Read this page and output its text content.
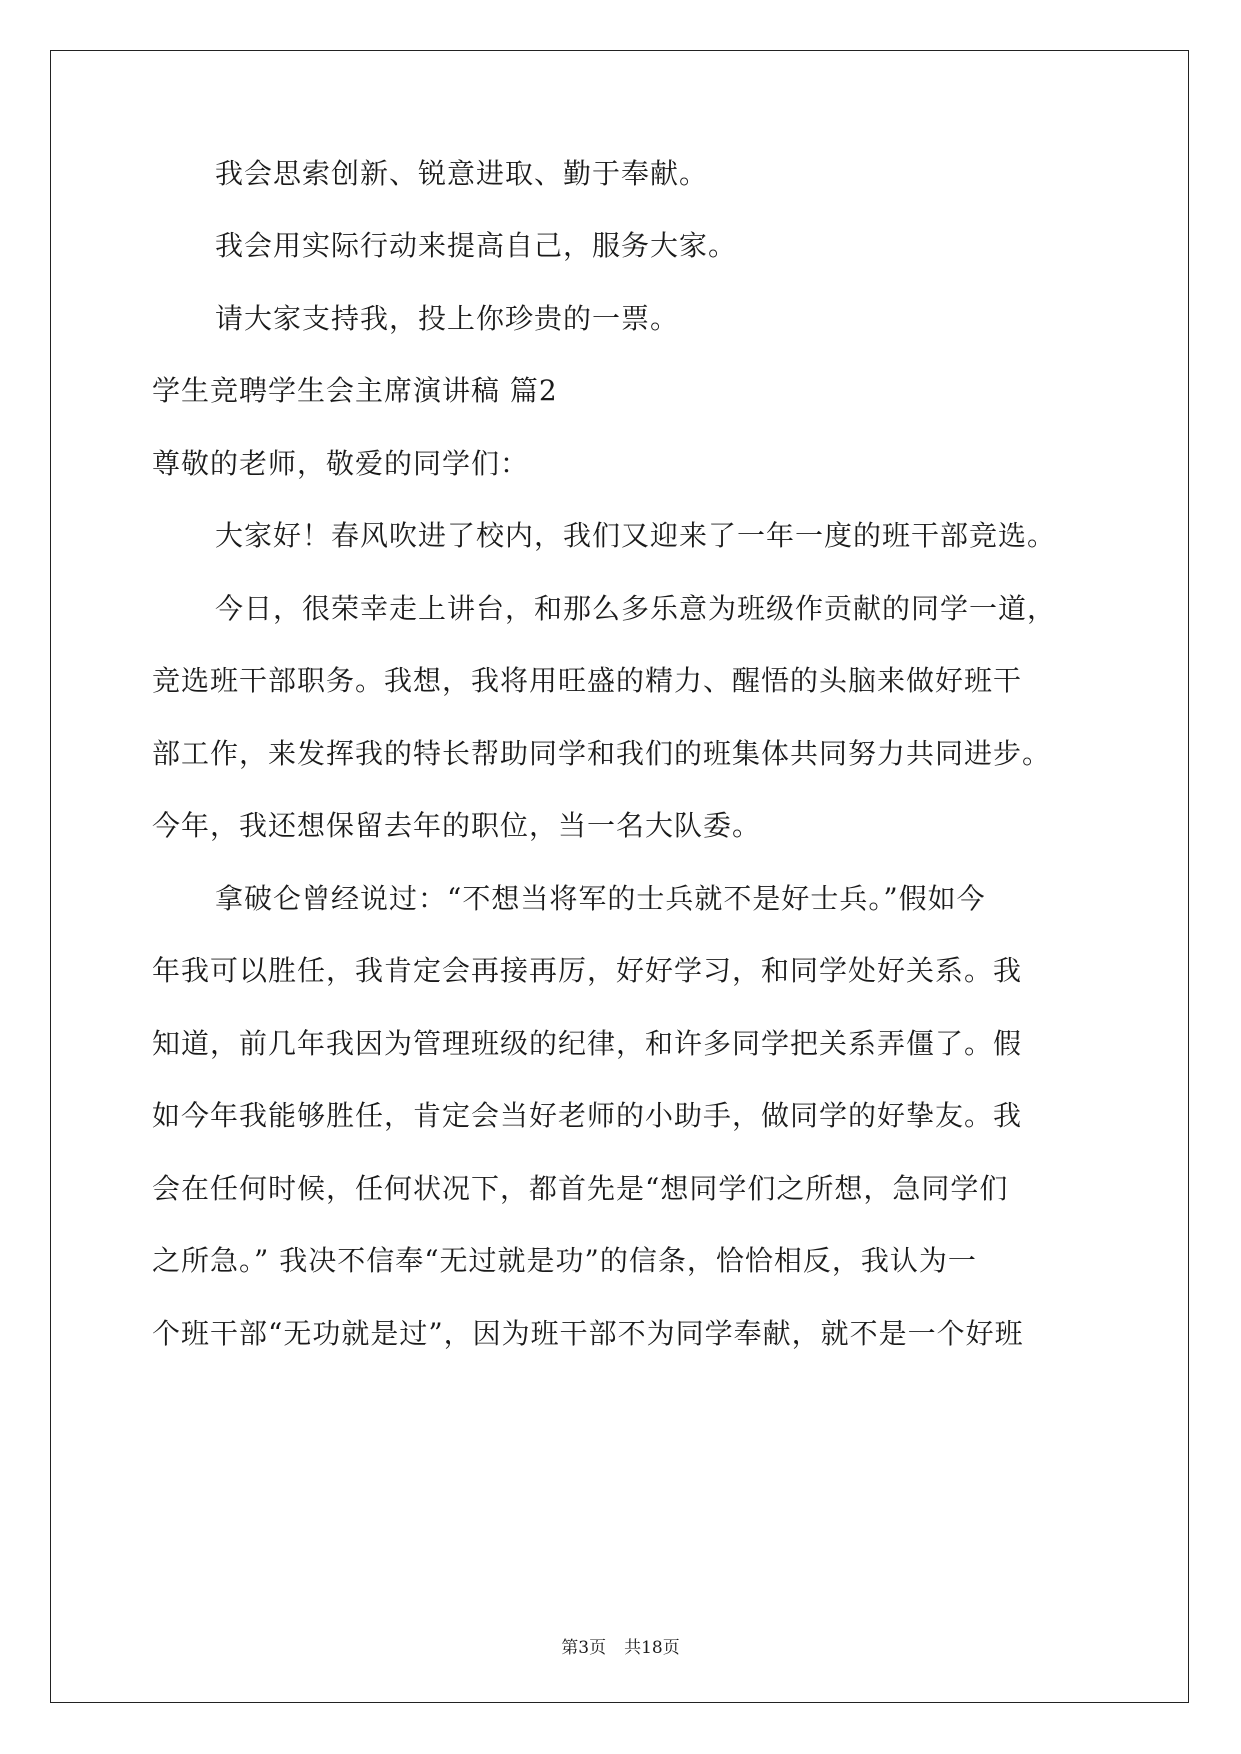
我会思索创新、锐意进取、勤于奉献。
我会用实际行动来提高自己，服务大家。
请大家支持我，投上你珍贵的一票。
学生竞聘学生会主席演讲稿 篇2
尊敬的老师，敬爱的同学们：
大家好！春风吹进了校内，我们又迎来了一年一度的班干部竞选。
今日，很荣幸走上讲台，和那么多乐意为班级作贡献的同学一道，
竞选班干部职务。我想，我将用旺盛的精力、醒悟的头脑来做好班干
部工作，来发挥我的特长帮助同学和我们的班集体共同努力共同进步。
今年，我还想保留去年的职位，当一名大队委。
拿破仑曾经说过：“不想当将军的士兵就不是好士兵。”假如今
年我可以胜任，我肯定会再接再厉，好好学习，和同学处好关系。我
知道，前几年我因为管理班级的纪律，和许多同学把关系弄僵了。假
如今年我能够胜任，肯定会当好老师的小助手，做同学的好挚友。我
会在任何时候，任何状况下，都首先是“想同学们之所想，急同学们
之所急。” 我决不信奉“无过就是功”的信条，恰恰相反，我认为一
个班干部“无功就是过”，因为班干部不为同学奉献，就不是一个好班
第3页 共18页
